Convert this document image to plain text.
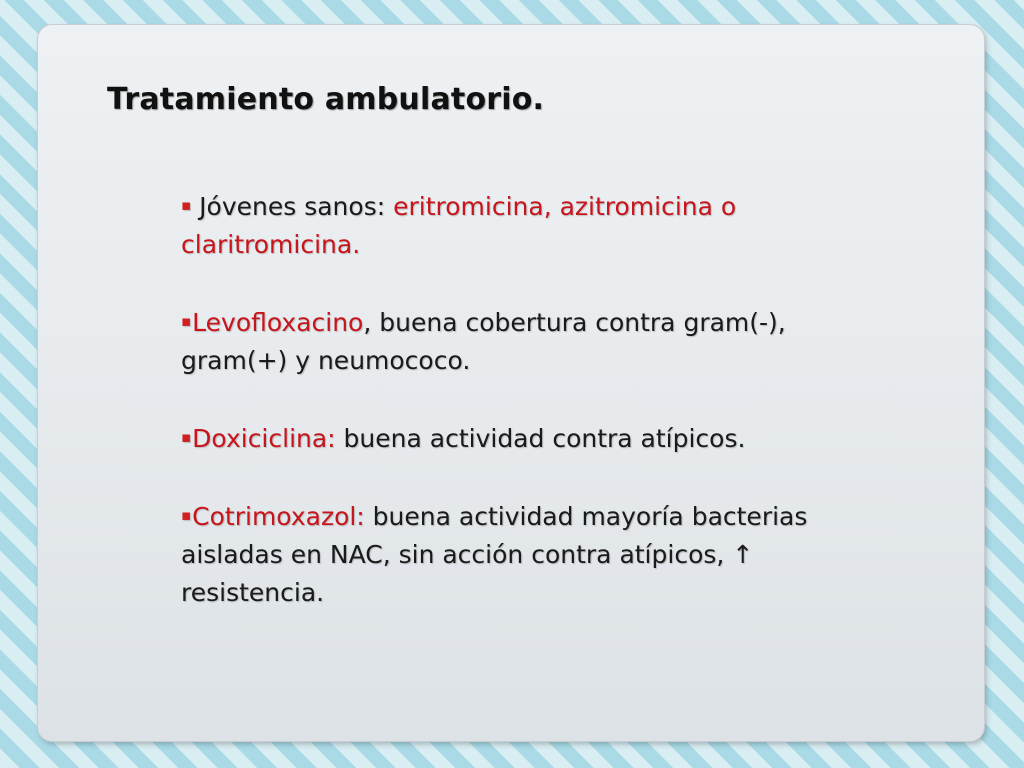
Tratamiento ambulatorio.
▪ Jóvenes sanos: eritromicina, azitromicina o claritromicina.
▪Levofloxacino, buena cobertura contra gram(-), gram(+) y neumococo.
▪Doxiciclina: buena actividad contra atípicos.
▪Cotrimoxazol: buena actividad mayoría bacterias aisladas en NAC, sin acción contra atípicos, ↑ resistencia.
